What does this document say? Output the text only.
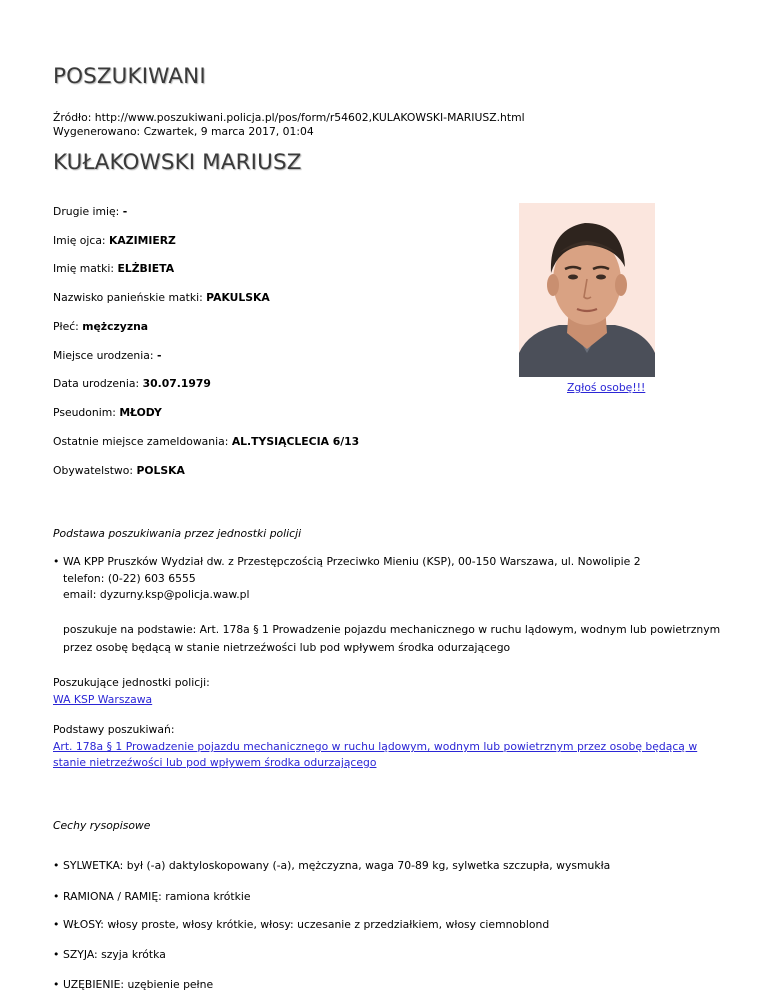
POSZUKIWANI
Źródło: http://www.poszukiwani.policja.pl/pos/form/r54602,KULAKOWSKI-MARIUSZ.html
Wygenerowano: Czwartek, 9 marca 2017, 01:04
KUŁAKOWSKI MARIUSZ
Drugie imię: -
Imię ojca: KAZIMIERZ
Imię matki: ELŻBIETA
Nazwisko panieńskie matki: PAKULSKA
Płeć: mężczyzna
Miejsce urodzenia: -
Data urodzenia: 30.07.1979
Pseudonim: MŁODY
Ostatnie miejsce zameldowania: AL.TYSIĄCLECIA 6/13
Obywatelstwo: POLSKA
Zgłoś osobę!!!
Podstawa poszukiwania przez jednostki policji
• WA KPP Pruszków Wydział dw. z Przestępczością Przeciwko Mieniu (KSP), 00-150 Warszawa, ul. Nowolipie 2
telefon: (0-22) 603 6555
email: dyzurny.ksp@policja.waw.pl
poszukuje na podstawie: Art. 178a § 1 Prowadzenie pojazdu mechanicznego w ruchu lądowym, wodnym lub powietrznym
przez osobę będącą w stanie nietrzeźwości lub pod wpływem środka odurzającego
Poszukujące jednostki policji:
WA KSP Warszawa
Podstawy poszukiwań:
Art. 178a § 1 Prowadzenie pojazdu mechanicznego w ruchu lądowym, wodnym lub powietrznym przez osobę będącą w
stanie nietrzeźwości lub pod wpływem środka odurzającego
Cechy rysopisowe
• SYLWETKA: był (-a) daktyloskopowany (-a), mężczyzna, waga 70-89 kg, sylwetka szczupła, wysmukła
• RAMIONA / RAMIĘ: ramiona krótkie
• WŁOSY: włosy proste, włosy krótkie, włosy: uczesanie z przedziałkiem, włosy ciemnoblond
• SZYJA: szyja krótka
• UZĘBIENIE: uzębienie pełne
